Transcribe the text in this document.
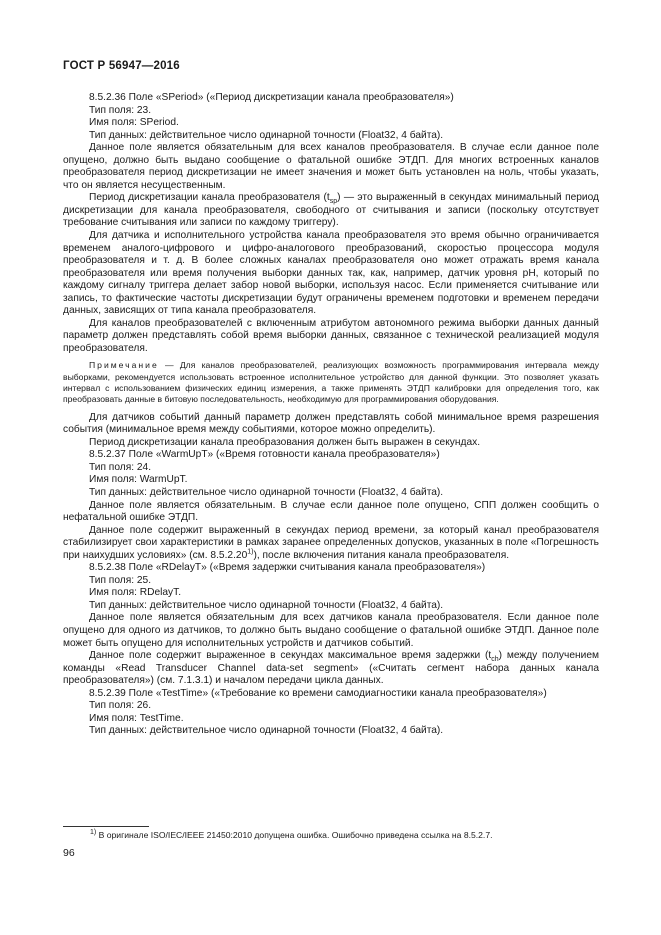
ГОСТ Р 56947—2016

8.5.2.36 Поле «SPeriod» («Период дискретизации канала преобразователя»)

Тип поля: 23.

Имя поля: SPeriod.

Тип данных: действительное число одинарной точности (Float32, 4 байта).

Данное поле является обязательным для всех каналов преобразователя. В случае если данное поле опущено, должно быть выдано сообщение о фатальной ошибке ЭТДП. Для многих встроенных каналов преобразователя период дискретизации не имеет значения и может быть установлен на ноль, чтобы указать, что он является несущественным.

Период дискретизации канала преобразователя $(t_{sp})$ — это выраженный в секундах минимальный период дискретизации для канала преобразователя, свободного от считывания и записи (поскольку отсутствует требование считывания или записи по каждому триггеру).

Для датчика и исполнительного устройства канала преобразователя это время обычно ограничивается временем аналого-цифрового и цифро-аналогового преобразований, скоростью процессора модуля преобразователя и т. д. В более сложных каналах преобразователя оно может отражать время канала преобразователя или время получения выборки данных так, как, например, датчик уровня pH, который по каждому сигналу триггера делает забор новой выборки, используя насос. Если применяется считывание или запись, то фактические частоты дискретизации будут ограничены временем подготовки и временем передачи данных, зависящих от типа канала преобразователя.

Для каналов преобразователей с включенным атрибутом автономного режима выборки данных данный параметр должен представлять собой время выборки данных, связанное с технической реализацией модуля преобразователя.

Примечание — Для каналов преобразователей, реализующих возможность программирования интервала между выборками, рекомендуется использовать встроенное исполнительное устройство для данной функции. Это позволяет указать интервал с использованием физических единиц измерения, а также применять ЭТДП калибровки для определения того, как преобразовать данные в битовую последовательность, необходимую для программирования оборудования.

Для датчиков событий данный параметр должен представлять собой минимальное время разрешения события (минимальное время между событиями, которое можно определить).

Период дискретизации канала преобразования должен быть выражен в секундах.

8.5.2.37 Поле «WarmUpT» («Время готовности канала преобразователя»)

Тип поля: 24.

Имя поля: WarmUpT.

Тип данных: действительное число одинарной точности (Float32, 4 байта).

Данное поле является обязательным. В случае если данное поле опущено, СПП должен сообщить о нефатальной ошибке ЭТДП.

Данное поле содержит выраженный в секундах период времени, за который канал преобразователя стабилизирует свои характеристики в рамках заранее определенных допусков, указанных в поле «Погрешность при наихудших условиях» (см. 8.5.2.20$^{1)}$), после включения питания канала преобразователя.

8.5.2.38 Поле «RDelayT» («Время задержки считывания канала преобразователя»)

Тип поля: 25.

Имя поля: RDelayT.

Тип данных: действительное число одинарной точности (Float32, 4 байта).

Данное поле является обязательным для всех датчиков канала преобразователя. Если данное поле опущено для одного из датчиков, то должно быть выдано сообщение о фатальной ошибке ЭТДП. Данное поле может быть опущено для исполнительных устройств и датчиков событий.

Данное поле содержит выраженное в секундах максимальное время задержки $(t_{ch})$ между получением команды «Read Transducer Channel data-set segment» («Считать сегмент набора данных канала преобразователя») (см. 7.1.3.1) и началом передачи цикла данных.

8.5.2.39 Поле «TestTime» («Требование ко времени самодиагностики канала преобразователя»)

Тип поля: 26.

Имя поля: TestTime.

Тип данных: действительное число одинарной точности (Float32, 4 байта).

$^{1)}$ В оригинале ISO/IEC/IEEE 21450:2010 допущена ошибка. Ошибочно приведена ссылка на 8.5.2.7.
96
